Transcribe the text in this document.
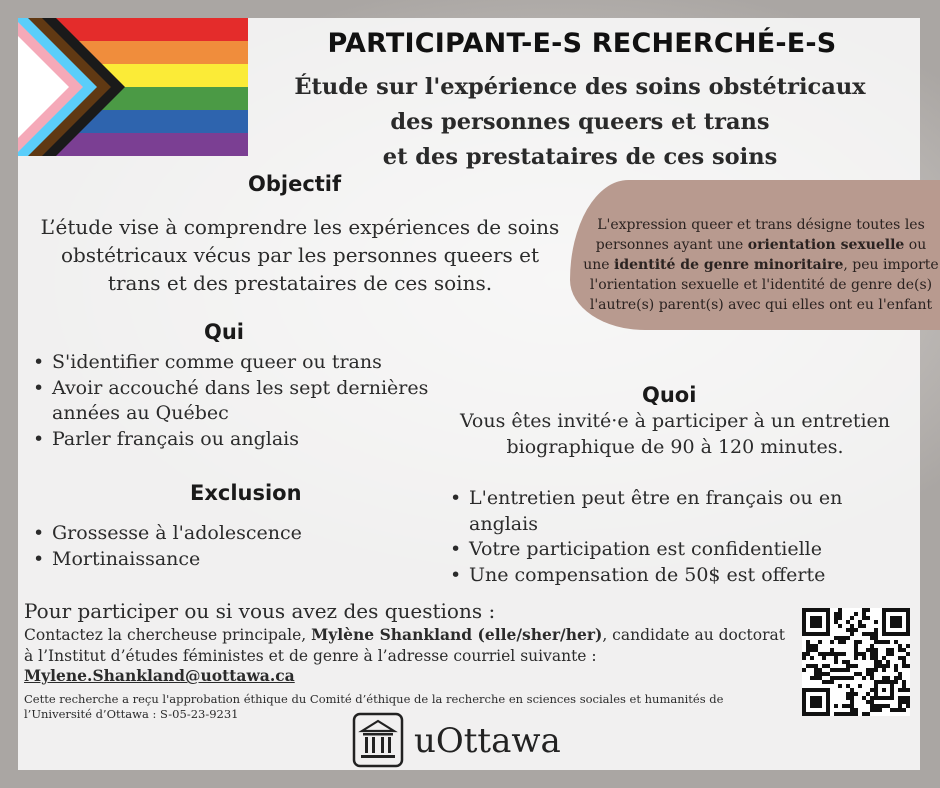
PARTICIPANT-E-S RECHERCHÉ-E-S
Étude sur l'expérience des soins obstétricaux
des personnes queers et trans
et des prestataires de ces soins
Objectif
L’étude vise à comprendre les expériences de soins
obstétricaux vécus par les personnes queers et
trans et des prestataires de ces soins.
L'expression queer et trans désigne toutes les
personnes ayant une orientation sexuelle ou
une identité de genre minoritaire, peu importe
l'orientation sexuelle et l'identité de genre de(s)
l'autre(s) parent(s) avec qui elles ont eu l'enfant
Qui
• S'identifier comme queer ou trans
• Avoir accouché dans les sept dernières
années au Québec
• Parler français ou anglais
Exclusion
• Grossesse à l'adolescence
• Mortinaissance
Quoi
Vous êtes invité·e à participer à un entretien
biographique de 90 à 120 minutes.
• L'entretien peut être en français ou en anglais
• Votre participation est confidentielle
• Une compensation de 50$ est offerte
Pour participer ou si vous avez des questions :
Contactez la chercheuse principale, Mylène Shankland (elle/sher/her), candidate au doctorat
à l’Institut d’études féministes et de genre à l’adresse courriel suivante :
Mylene.Shankland@uottawa.ca
Cette recherche a reçu l'approbation éthique du Comité d’éthique de la recherche en sciences sociales et humanités de
l’Université d’Ottawa : S-05-23-9231
uOttawa
